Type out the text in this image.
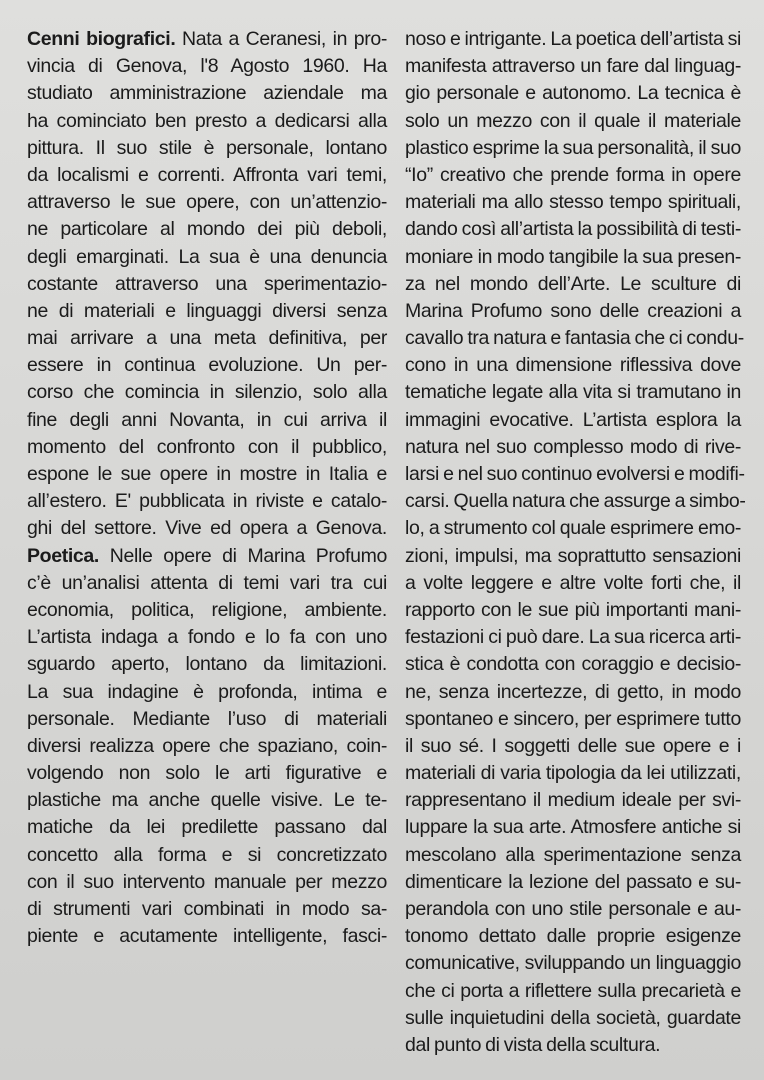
Cenni biografici. Nata a Ceranesi, in pro-
vincia di Genova, l'8 Agosto 1960. Ha
studiato amministrazione aziendale ma
ha cominciato ben presto a dedicarsi alla
pittura. Il suo stile è personale, lontano
da localismi e correnti. Affronta vari temi,
attraverso le sue opere, con un’attenzio-
ne particolare al mondo dei più deboli,
degli emarginati. La sua è una denuncia
costante attraverso una sperimentazio-
ne di materiali e linguaggi diversi senza
mai arrivare a una meta definitiva, per
essere in continua evoluzione. Un per-
corso che comincia in silenzio, solo alla
fine degli anni Novanta, in cui arriva il
momento del confronto con il pubblico,
espone le sue opere in mostre in Italia e
all’estero. E' pubblicata in riviste e catalo-
ghi del settore. Vive ed opera a Genova.
Poetica. Nelle opere di Marina Profumo
c’è un’analisi attenta di temi vari tra cui
economia, politica, religione, ambiente.
L’artista indaga a fondo e lo fa con uno
sguardo aperto, lontano da limitazioni.
La sua indagine è profonda, intima e
personale. Mediante l’uso di materiali
diversi realizza opere che spaziano, coin-
volgendo non solo le arti figurative e
plastiche ma anche quelle visive. Le te-
matiche da lei predilette passano dal
concetto alla forma e si concretizzato
con il suo intervento manuale per mezzo
di strumenti vari combinati in modo sa-
piente e acutamente intelligente, fasci-
noso e intrigante. La poetica dell’artista si
manifesta attraverso un fare dal linguag-
gio personale e autonomo. La tecnica è
solo un mezzo con il quale il materiale
plastico esprime la sua personalità, il suo
“Io” creativo che prende forma in opere
materiali ma allo stesso tempo spirituali,
dando così all’artista la possibilità di testi-
moniare in modo tangibile la sua presen-
za nel mondo dell’Arte. Le sculture di
Marina Profumo sono delle creazioni a
cavallo tra natura e fantasia che ci condu-
cono in una dimensione riflessiva dove
tematiche legate alla vita si tramutano in
immagini evocative. L’artista esplora la
natura nel suo complesso modo di rive-
larsi e nel suo continuo evolversi e modifi-
carsi. Quella natura che assurge a simbo-
lo, a strumento col quale esprimere emo-
zioni, impulsi, ma soprattutto sensazioni
a volte leggere e altre volte forti che, il
rapporto con le sue più importanti mani-
festazioni ci può dare. La sua ricerca arti-
stica è condotta con coraggio e decisio-
ne, senza incertezze, di getto, in modo
spontaneo e sincero, per esprimere tutto
il suo sé. I soggetti delle sue opere e i
materiali di varia tipologia da lei utilizzati,
rappresentano il medium ideale per svi-
luppare la sua arte. Atmosfere antiche si
mescolano alla sperimentazione senza
dimenticare la lezione del passato e su-
perandola con uno stile personale e au-
tonomo dettato dalle proprie esigenze
comunicative, sviluppando un linguaggio
che ci porta a riflettere sulla precarietà e
sulle inquietudini della società, guardate
dal punto di vista della scultura.
